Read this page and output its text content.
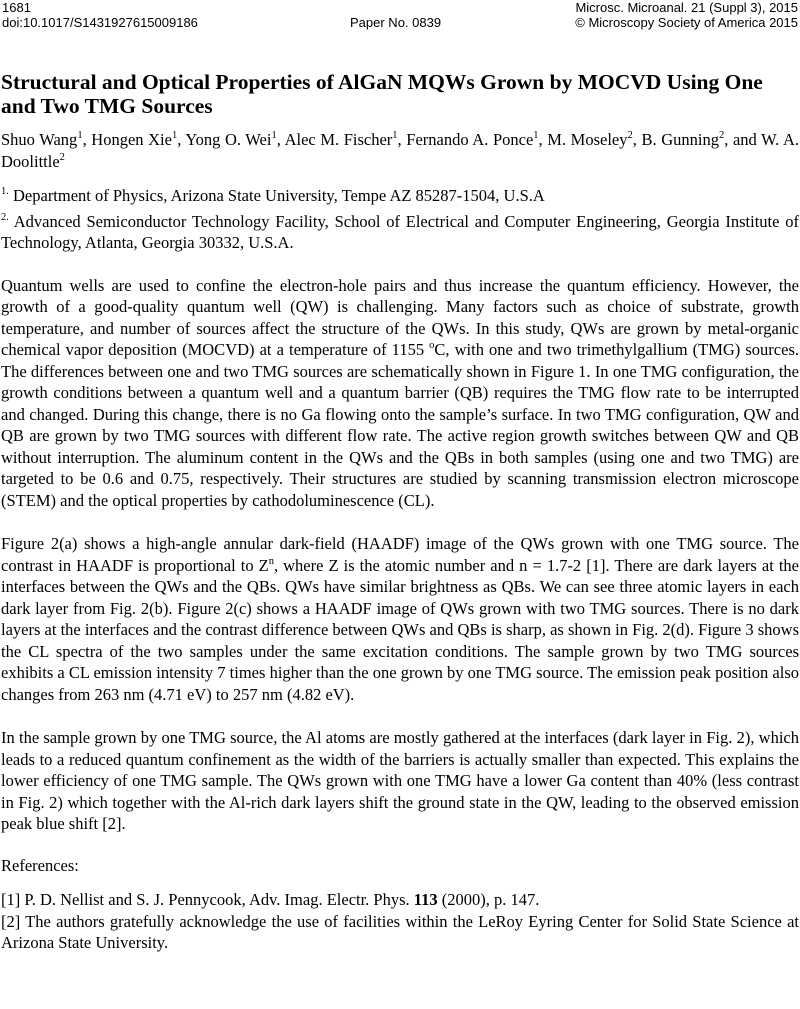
1681
doi:10.1017/S1431927615009186	Paper No. 0839
Microsc. Microanal. 21 (Suppl 3), 2015
© Microscopy Society of America 2015
Structural and Optical Properties of AlGaN MQWs Grown by MOCVD Using One and Two TMG Sources

Shuo Wang$^1$, Hongen Xie$^1$, Yong O. Wei$^1$, Alec M. Fischer$^1$, Fernando A. Ponce$^1$, M. Moseley$^2$, B. Gunning$^2$, and W. A. Doolittle$^2$

$^{1.}$ Department of Physics, Arizona State University, Tempe AZ 85287-1504, U.S.A

$^{2.}$ Advanced Semiconductor Technology Facility, School of Electrical and Computer Engineering, Georgia Institute of Technology, Atlanta, Georgia 30332, U.S.A.

Quantum wells are used to confine the electron-hole pairs and thus increase the quantum efficiency. However, the growth of a good-quality quantum well (QW) is challenging. Many factors such as choice of substrate, growth temperature, and number of sources affect the structure of the QWs. In this study, QWs are grown by metal-organic chemical vapor deposition (MOCVD) at a temperature of 1155 $^o$C, with one and two trimethylgallium (TMG) sources. The differences between one and two TMG sources are schematically shown in Figure 1. In one TMG configuration, the growth conditions between a quantum well and a quantum barrier (QB) requires the TMG flow rate to be interrupted and changed. During this change, there is no Ga flowing onto the sample’s surface. In two TMG configuration, QW and QB are grown by two TMG sources with different flow rate. The active region growth switches between QW and QB without interruption. The aluminum content in the QWs and the QBs in both samples (using one and two TMG) are targeted to be 0.6 and 0.75, respectively. Their structures are studied by scanning transmission electron microscope (STEM) and the optical properties by cathodoluminescence (CL).

Figure 2(a) shows a high-angle annular dark-field (HAADF) image of the QWs grown with one TMG source. The contrast in HAADF is proportional to $Z^n$, where Z is the atomic number and n = 1.7-2 [1]. There are dark layers at the interfaces between the QWs and the QBs. QWs have similar brightness as QBs. We can see three atomic layers in each dark layer from Fig. 2(b). Figure 2(c) shows a HAADF image of QWs grown with two TMG sources. There is no dark layers at the interfaces and the contrast difference between QWs and QBs is sharp, as shown in Fig. 2(d). Figure 3 shows the CL spectra of the two samples under the same excitation conditions. The sample grown by two TMG sources exhibits a CL emission intensity 7 times higher than the one grown by one TMG source. The emission peak position also changes from 263 nm (4.71 eV) to 257 nm (4.82 eV).

In the sample grown by one TMG source, the Al atoms are mostly gathered at the interfaces (dark layer in Fig. 2), which leads to a reduced quantum confinement as the width of the barriers is actually smaller than expected. This explains the lower efficiency of one TMG sample. The QWs grown with one TMG have a lower Ga content than 40% (less contrast in Fig. 2) which together with the Al-rich dark layers shift the ground state in the QW, leading to the observed emission peak blue shift [2].

References:

[1] P. D. Nellist and S. J. Pennycook, Adv. Imag. Electr. Phys. 113 (2000), p. 147.

[2] The authors gratefully acknowledge the use of facilities within the LeRoy Eyring Center for Solid State Science at Arizona State University.
